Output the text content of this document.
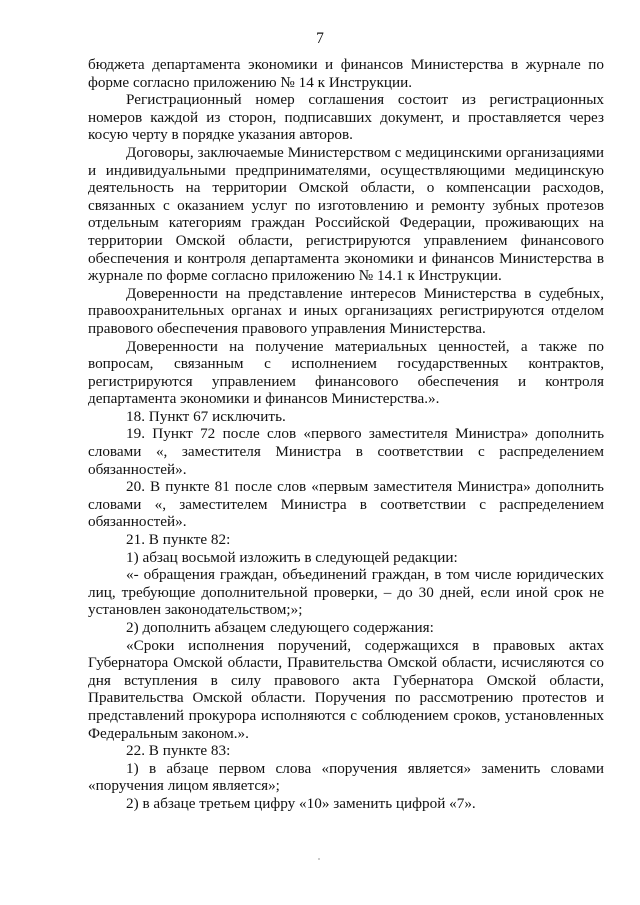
7

бюджета департамента экономики и финансов Министерства в журнале по форме согласно приложению № 14 к Инструкции.

Регистрационный номер соглашения состоит из регистрационных номеров каждой из сторон, подписавших документ, и проставляется через косую черту в порядке указания авторов.

Договоры, заключаемые Министерством с медицинскими организациями и индивидуальными предпринимателями, осуществляющими медицинскую деятельность на территории Омской области, о компенсации расходов, связанных с оказанием услуг по изготовлению и ремонту зубных протезов отдельным категориям граждан Российской Федерации, проживающих на территории Омской области, регистрируются управлением финансового обеспечения и контроля департамента экономики и финансов Министерства в журнале по форме согласно приложению № 14.1 к Инструкции.

Доверенности на представление интересов Министерства в судебных, правоохранительных органах и иных организациях регистрируются отделом правового обеспечения правового управления Министерства.

Доверенности на получение материальных ценностей, а также по вопросам, связанным с исполнением государственных контрактов, регистрируются управлением финансового обеспечения и контроля департамента экономики и финансов Министерства.».

18. Пункт 67 исключить.

19. Пункт 72 после слов «первого заместителя Министра» дополнить словами «, заместителя Министра в соответствии с распределением обязанностей».

20. В пункте 81 после слов «первым заместителя Министра» дополнить словами «, заместителем Министра в соответствии с распределением обязанностей».

21. В пункте 82:

1) абзац восьмой изложить в следующей редакции:

«- обращения граждан, объединений граждан, в том числе юридических лиц, требующие дополнительной проверки, – до 30 дней, если иной срок не установлен законодательством;»;

2) дополнить абзацем следующего содержания:

«Сроки исполнения поручений, содержащихся в правовых актах Губернатора Омской области, Правительства Омской области, исчисляются со дня вступления в силу правового акта Губернатора Омской области, Правительства Омской области. Поручения по рассмотрению протестов и представлений прокурора исполняются с соблюдением сроков, установленных Федеральным законом.».

22. В пункте 83:

1) в абзаце первом слова «поручения является» заменить словами «поручения лицом является»;

2) в абзаце третьем цифру «10» заменить цифрой «7».
